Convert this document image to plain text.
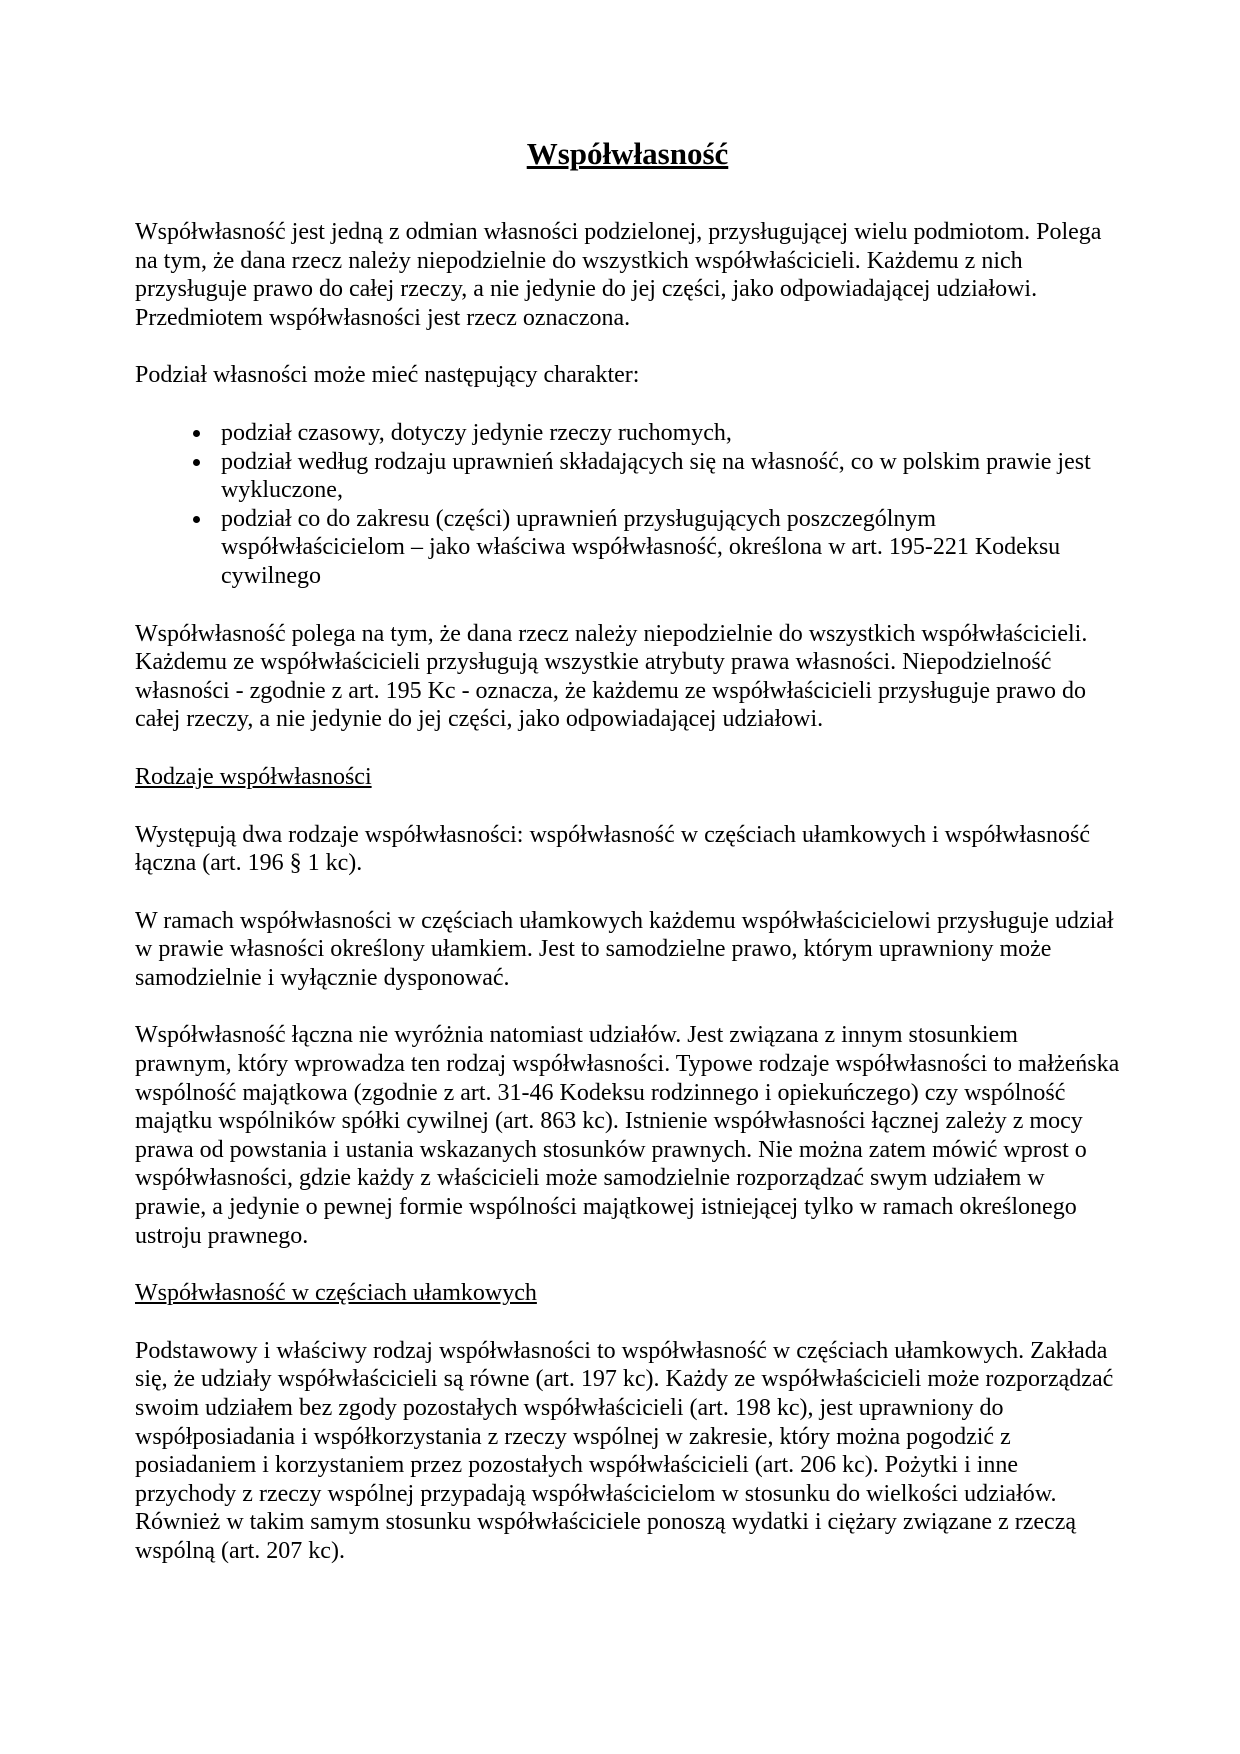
Współwłasność

Współwłasność jest jedną z odmian własności podzielonej, przysługującej wielu podmiotom. Polega na tym, że dana rzecz należy niepodzielnie do wszystkich współwłaścicieli. Każdemu z nich przysługuje prawo do całej rzeczy, a nie jedynie do jej części, jako odpowiadającej udziałowi. Przedmiotem współwłasności jest rzecz oznaczona.

Podział własności może mieć następujący charakter:

podział czasowy, dotyczy jedynie rzeczy ruchomych,
podział według rodzaju uprawnień składających się na własność, co w polskim prawie jest wykluczone,
podział co do zakresu (części) uprawnień przysługujących poszczególnym współwłaścicielom – jako właściwa współwłasność, określona w art. 195-221 Kodeksu cywilnego

Współwłasność polega na tym, że dana rzecz należy niepodzielnie do wszystkich współwłaścicieli. Każdemu ze współwłaścicieli przysługują wszystkie atrybuty prawa własności. Niepodzielność własności - zgodnie z art. 195 Kc - oznacza, że każdemu ze współwłaścicieli przysługuje prawo do całej rzeczy, a nie jedynie do jej części, jako odpowiadającej udziałowi.

Rodzaje współwłasności

Występują dwa rodzaje współwłasności: współwłasność w częściach ułamkowych i współwłasność łączna (art. 196 § 1 kc).

W ramach współwłasności w częściach ułamkowych każdemu współwłaścicielowi przysługuje udział w prawie własności określony ułamkiem. Jest to samodzielne prawo, którym uprawniony może samodzielnie i wyłącznie dysponować.

Współwłasność łączna nie wyróżnia natomiast udziałów. Jest związana z innym stosunkiem prawnym, który wprowadza ten rodzaj współwłasności. Typowe rodzaje współwłasności to małżeńska wspólność majątkowa (zgodnie z art. 31-46 Kodeksu rodzinnego i opiekuńczego) czy wspólność majątku wspólników spółki cywilnej (art. 863 kc). Istnienie współwłasności łącznej zależy z mocy prawa od powstania i ustania wskazanych stosunków prawnych. Nie można zatem mówić wprost o współwłasności, gdzie każdy z właścicieli może samodzielnie rozporządzać swym udziałem w prawie, a jedynie o pewnej formie wspólności majątkowej istniejącej tylko w ramach określonego ustroju prawnego.

Współwłasność w częściach ułamkowych

Podstawowy i właściwy rodzaj współwłasności to współwłasność w częściach ułamkowych. Zakłada się, że udziały współwłaścicieli są równe (art. 197 kc). Każdy ze współwłaścicieli może rozporządzać swoim udziałem bez zgody pozostałych współwłaścicieli (art. 198 kc), jest uprawniony do współposiadania i współkorzystania z rzeczy wspólnej w zakresie, który można pogodzić z posiadaniem i korzystaniem przez pozostałych współwłaścicieli (art. 206 kc). Pożytki i inne przychody z rzeczy wspólnej przypadają współwłaścicielom w stosunku do wielkości udziałów. Również w takim samym stosunku współwłaściciele ponoszą wydatki i ciężary związane z rzeczą wspólną (art. 207 kc).
